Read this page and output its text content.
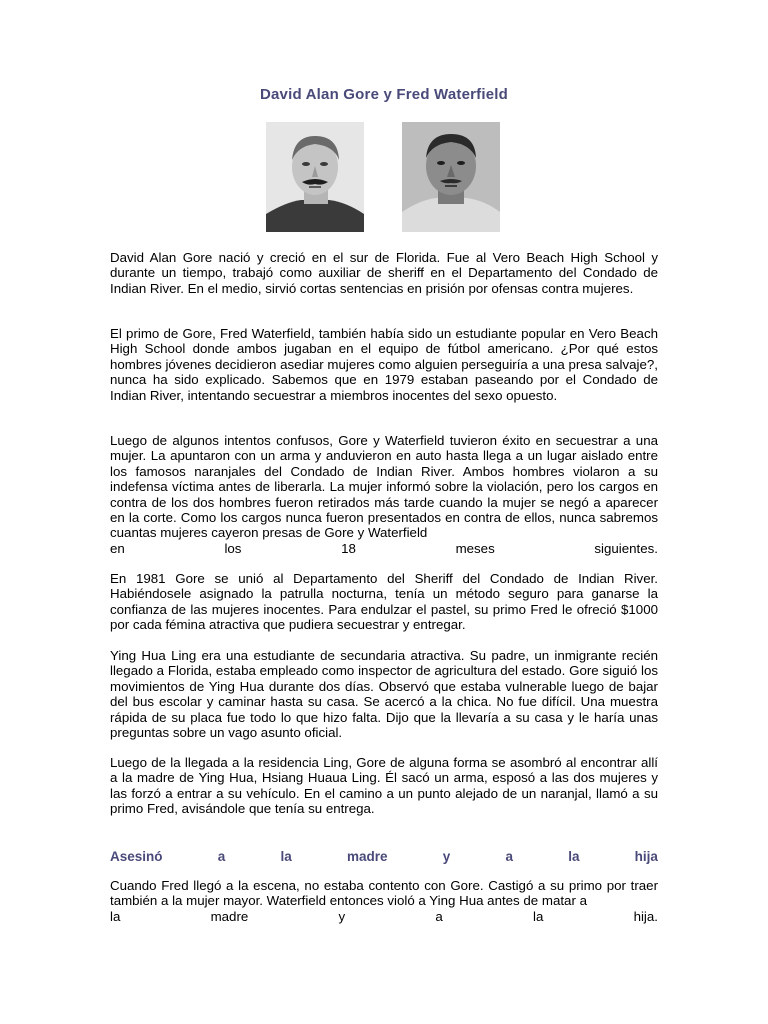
David Alan Gore y Fred Waterfield

David Alan Gore nació y creció en el sur de Florida. Fue al Vero Beach High School y durante un tiempo, trabajó como auxiliar de sheriff en el Departamento del Condado de Indian River. En el medio, sirvió cortas sentencias en prisión por ofensas contra mujeres.

El primo de Gore, Fred Waterfield, también había sido un estudiante popular en Vero Beach High School donde ambos jugaban en el equipo de fútbol americano. ¿Por qué estos hombres jóvenes decidieron asediar mujeres como alguien perseguiría a una presa salvaje?, nunca ha sido explicado. Sabemos que en 1979 estaban paseando por el Condado de Indian River, intentando secuestrar a miembros inocentes del sexo opuesto.

Luego de algunos intentos confusos, Gore y Waterfield tuvieron éxito en secuestrar a una mujer. La apuntaron con un arma y anduvieron en auto hasta llega a un lugar aislado entre los famosos naranjales del Condado de Indian River. Ambos hombres violaron a su indefensa víctima antes de liberarla. La mujer informó sobre la violación, pero los cargos en contra de los dos hombres fueron retirados más tarde cuando la mujer se negó a aparecer en la corte. Como los cargos nunca fueron presentados en contra de ellos, nunca sabremos cuantas mujeres cayeron presas de Gore y Waterfield

en	los	18	meses	siguientes.

En 1981 Gore se unió al Departamento del Sheriff del Condado de Indian River. Habiéndosele asignado la patrulla nocturna, tenía un método seguro para ganarse la confianza de las mujeres inocentes. Para endulzar el pastel, su primo Fred le ofreció $1000 por cada fémina atractiva que pudiera secuestrar y entregar.

Ying Hua Ling era una estudiante de secundaria atractiva. Su padre, un inmigrante recién llegado a Florida, estaba empleado como inspector de agricultura del estado. Gore siguió los movimientos de Ying Hua durante dos días. Observó que estaba vulnerable luego de bajar del bus escolar y caminar hasta su casa. Se acercó a la chica. No fue difícil. Una muestra rápida de su placa fue todo lo que hizo falta. Dijo que la llevaría a su casa y le haría unas preguntas sobre un vago asunto oficial.

Luego de la llegada a la residencia Ling, Gore de alguna forma se asombró al encontrar allí a la madre de Ying Hua, Hsiang Huaua Ling. Él sacó un arma, esposó a las dos mujeres y las forzó a entrar a su vehículo. En el camino a un punto alejado de un naranjal, llamó a su primo Fred, avisándole que tenía su entrega.

Asesinó	a	la	madre	y	a	la	hija

Cuando Fred llegó a la escena, no estaba contento con Gore. Castigó a su primo por traer también a la mujer mayor. Waterfield entonces violó a Ying Hua antes de matar a

la	madre	y	a	la	hija.
